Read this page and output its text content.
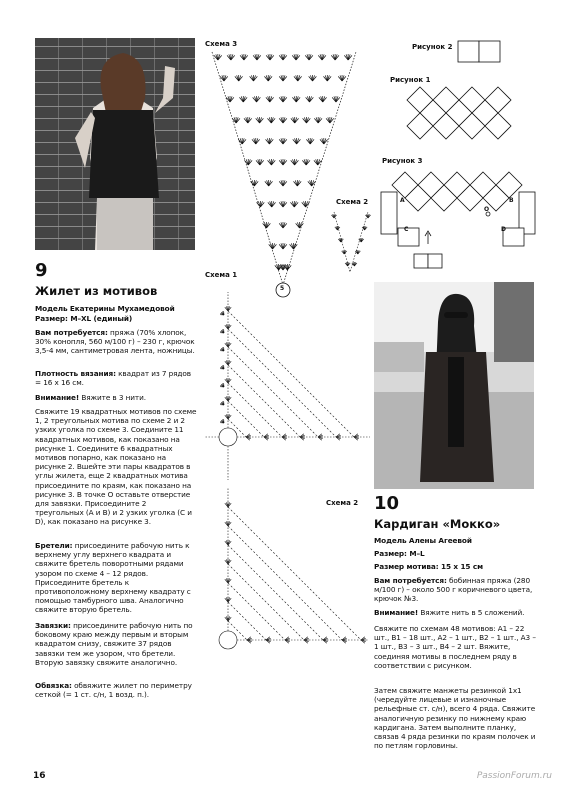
Схема 3
Схема 2
Схема 1
Схема 2
Рисунок 2
Рисунок 1
Рисунок 3
5
А	В
С	D
О
9
Жилет из мотивов
Модель Екатерины Мухамедовой
Размер: M–XL (единый)
Вам потребуется: пряжа (70% хлопок, 30% конопля, 560 м/100 г) – 230 г, крючок 3,5-4 мм, сантиметровая лента, ножницы.
Плотность вязания: квадрат из 7 рядов = 16 х 16 см.
Внимание! Вяжите в 3 нити.
Свяжите 19 квадратных мотивов по схеме 1, 2 треугольных мотива по схеме 2 и 2 узких уголка по схеме 3. Соедините 11 квадратных мотивов, как показано на рисунке 1. Соедините 6 квадратных мотивов попарно, как показано на рисунке 2. Вшейте эти пары квадратов в углы жилета, еще 2 квадратных мотива присоедините по краям, как показано на рисунке 3. В точке О оставьте отверстие для завязки. Присоедините 2 треугольных (A и B) и 2 узких уголка (C и D), как показано на рисунке 3.
Бретели: присоедините рабочую нить к верхнему углу верхнего квадрата и свяжите бретель поворотными рядами узором по схеме 4 – 12 рядов. Присоедините бретель к противоположному верхнему квадрату с помощью тамбурного шва. Аналогично свяжите вторую бретель.
Завязки: присоедините рабочую нить по боковому краю между первым и вторым квадратом снизу, свяжите 37 рядов завязки тем же узором, что бретели. Вторую завязку свяжите аналогично.
Обвязка: обвяжите жилет по периметру сеткой (= 1 ст. с/н, 1 возд. п.).
10
Кардиган «Мокко»
Модель Алены Агеевой
Размер: M–L
Размер мотива: 15 х 15 см
Вам потребуется: бобинная пряжа (280 м/100 г) – около 500 г коричневого цвета, крючок №3.
Внимание! Вяжите нить в 5 сложений.
Свяжите по схемам 48 мотивов: A1 – 22 шт., B1 – 18 шт., A2 – 1 шт., B2 – 1 шт., A3 – 1 шт., B3 – 3 шт., B4 – 2 шт. Вяжите, соединяя мотивы в последнем ряду в соответствии с рисунком.
Затем свяжите манжеты резинкой 1х1 (чередуйте лицевые и изнаночные рельефные ст. с/н), всего 4 ряда. Свяжите аналогичную резинку по нижнему краю кардигана. Затем выполните планку, связав 4 ряда резинки по краям полочек и по петлям горловины.
16	PassionForum.ru
